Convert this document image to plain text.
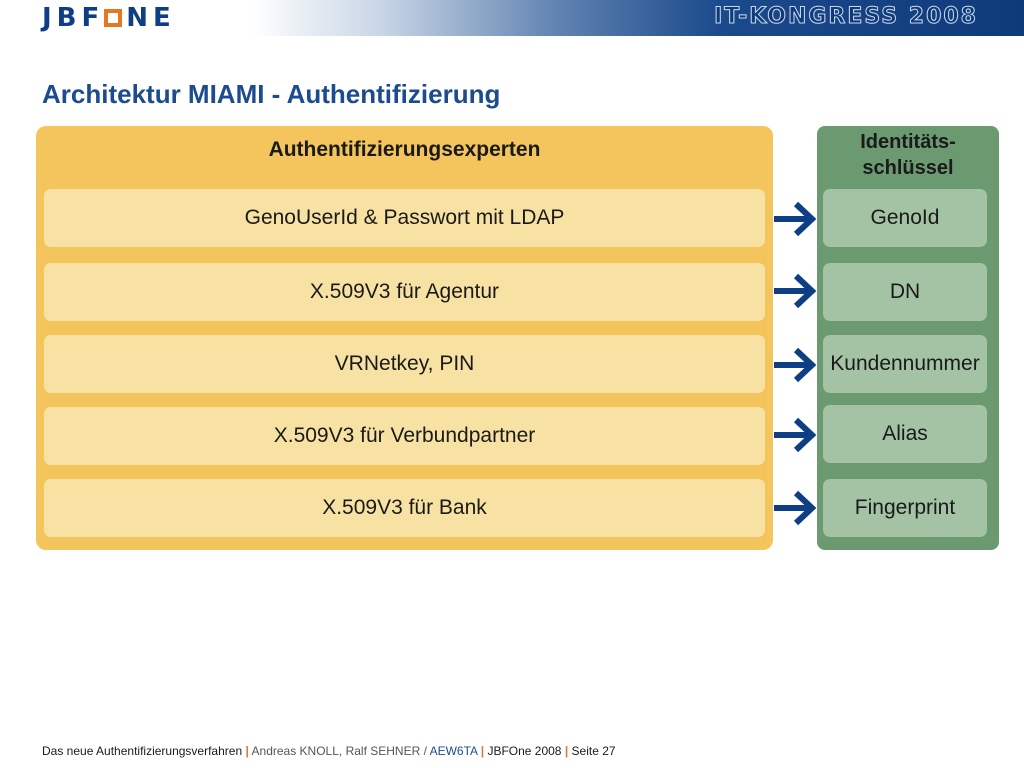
JBF NE	IT-KONGRESS 2008
Architektur MIAMI - Authentifizierung
Authentifizierungsexperten
GenoUserId & Passwort mit LDAP
X.509V3 für Agentur
VRNetkey, PIN
X.509V3 für Verbundpartner
X.509V3 für Bank
Identitäts-
schlüssel
GenoId
DN
Kundennummer
Alias
Fingerprint
Das neue Authentifizierungsverfahren | Andreas KNOLL, Ralf SEHNER / AEW6TA | JBFOne 2008 | Seite 27
